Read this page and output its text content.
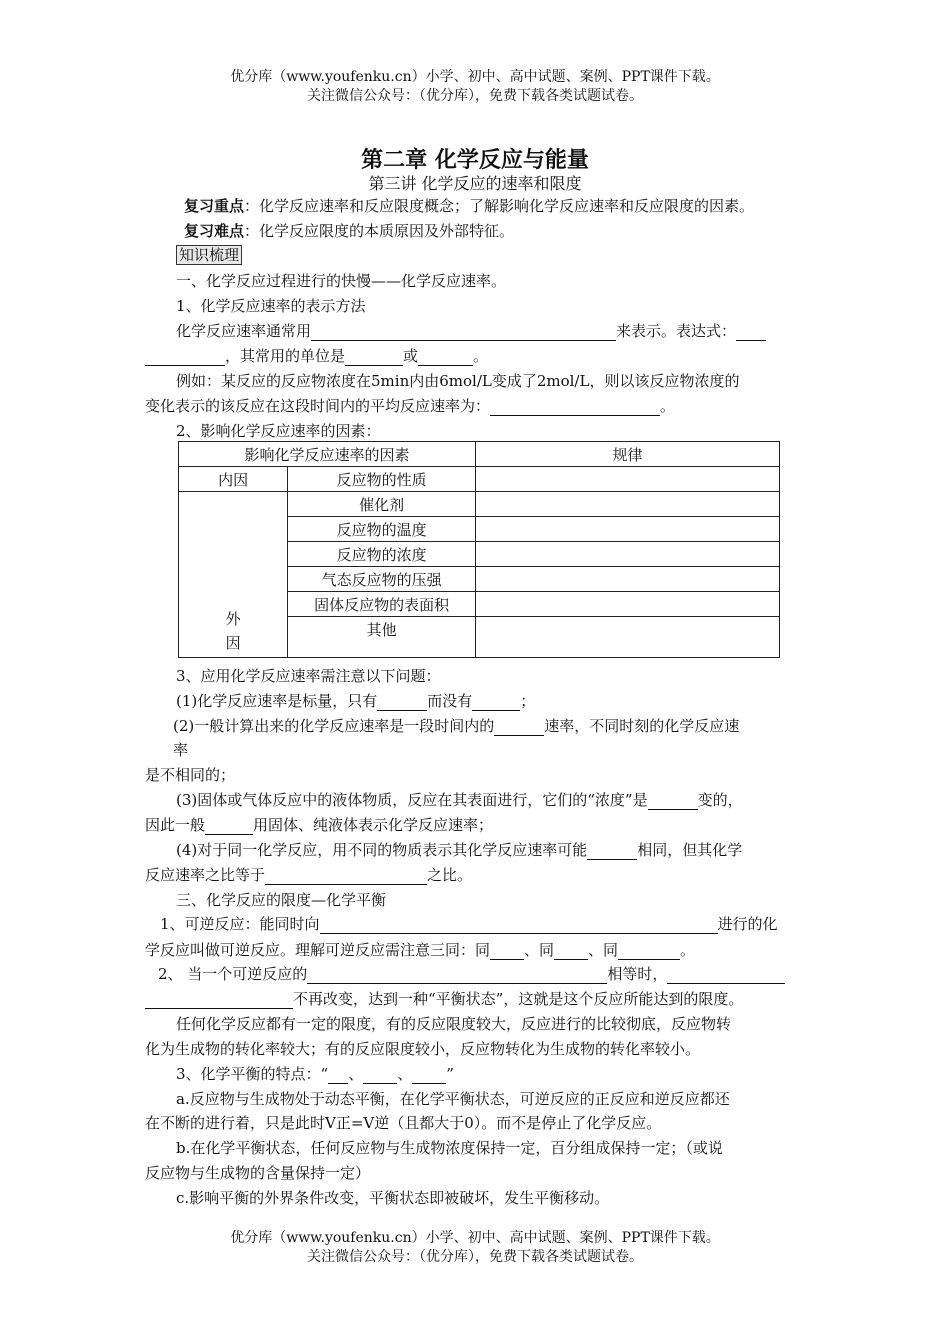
优分库（www.youfenku.cn）小学、初中、高中试题、案例、PPT课件下载。
关注微信公众号：（优分库），免费下载各类试题试卷。
第二章 化学反应与能量
第三讲 化学反应的速率和限度
复习重点：化学反应速率和反应限度概念；了解影响化学反应速率和反应限度的因素。
复习难点：化学反应限度的本质原因及外部特征。
知识梳理
一、化学反应过程进行的快慢——化学反应速率。
1、化学反应速率的表示方法
化学反应速率通常用	来表示。表达式：
，其常用的单位是	或	。
例如：某反应的反应物浓度在5min内由6mol/L变成了2mol/L，则以该反应物浓度的
变化表示的该反应在这段时间内的平均反应速率为：	。
2、影响化学反应速率的因素：
影响化学反应速率的因素		规律
内因	反应物的性质	
外
因	催化剂	
	反应物的温度	
	反应物的浓度	
	气态反应物的压强	
	固体反应物的表面积	
	其他	
3、应用化学反应速率需注意以下问题：
(1)化学反应速率是标量，只有	而没有	；
(2)一般计算出来的化学反应速率是一段时间内的	速率，不同时刻的化学反应速
率
是不相同的；
(3)固体或气体反应中的液体物质，反应在其表面进行，它们的“浓度”是	变的，
因此一般	用固体、纯液体表示化学反应速率；
(4)对于同一化学反应，用不同的物质表示其化学反应速率可能	相同，但其化学
反应速率之比等于	之比。
三、化学反应的限度—化学平衡
1、可逆反应：能同时向	进行的化
学反应叫做可逆反应。理解可逆反应需注意三同：同 、同 、同	。
2、 当一个可逆反应的	相等时，
不再改变，达到一种“平衡状态”，这就是这个反应所能达到的限度。
任何化学反应都有一定的限度，有的反应限度较大，反应进行的比较彻底，反应物转
化为生成物的转化率较大；有的反应限度较小，反应物转化为生成物的转化率较小。
3、化学平衡的特点：“ 、 、 ”
a.反应物与生成物处于动态平衡，在化学平衡状态，可逆反应的正反应和逆反应都还
在不断的进行着，只是此时V正=V逆（且都大于0）。而不是停止了化学反应。
b.在化学平衡状态，任何反应物与生成物浓度保持一定，百分组成保持一定；（或说
反应物与生成物的含量保持一定）
c.影响平衡的外界条件改变，平衡状态即被破坏，发生平衡移动。
优分库（www.youfenku.cn）小学、初中、高中试题、案例、PPT课件下载。
关注微信公众号：（优分库），免费下载各类试题试卷。
